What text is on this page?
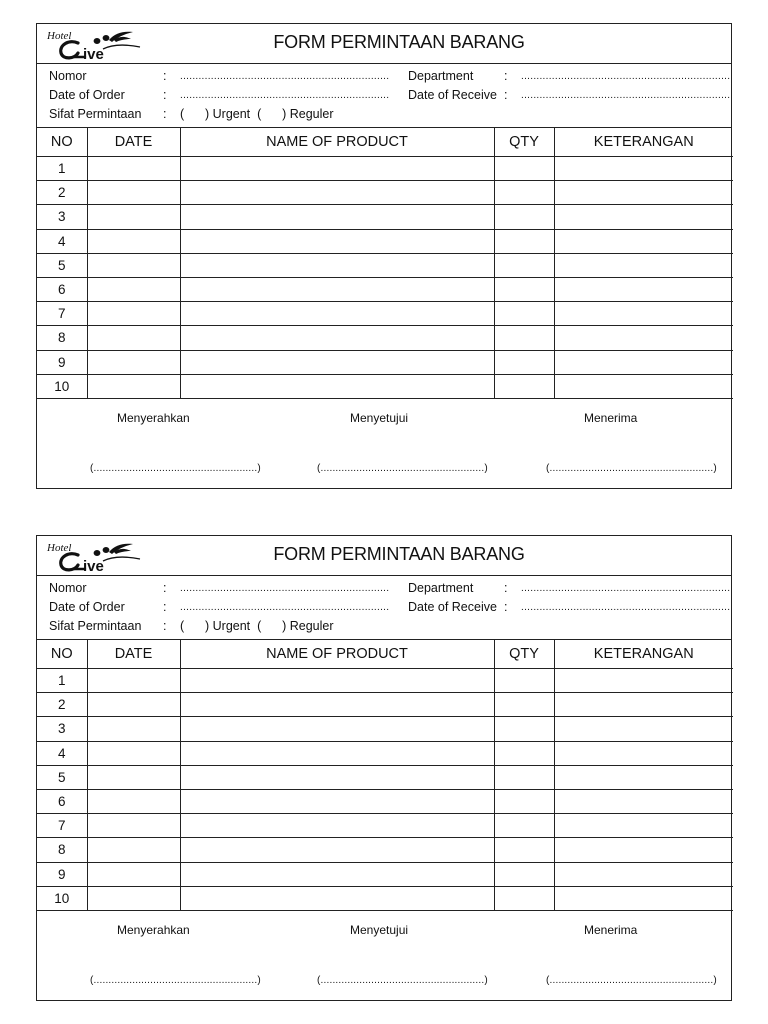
Hotel
ive
FORM PERMINTAAN BARANG
Nomor	: .................................................................... Department : ....................................................................
Date of Order	: .................................................................... Date of Receive : ....................................................................
Sifat Permintaan : (      ) Urgent  (      ) Reguler
NO	DATE	NAME OF PRODUCT	QTY	KETERANGAN
1				
2				
3				
4				
5				
6				
7				
8				
9				
10				
Menyerahkan
(.......................................................)
Menyetujui
(.......................................................)
Menerima
(.......................................................)
Hotel
ive
FORM PERMINTAAN BARANG
Nomor	: .................................................................... Department : ....................................................................
Date of Order	: .................................................................... Date of Receive : ....................................................................
Sifat Permintaan : (      ) Urgent  (      ) Reguler
NO	DATE	NAME OF PRODUCT	QTY	KETERANGAN
1				
2				
3				
4				
5				
6				
7				
8				
9				
10				
Menyerahkan
(.......................................................)
Menyetujui
(.......................................................)
Menerima
(.......................................................)
